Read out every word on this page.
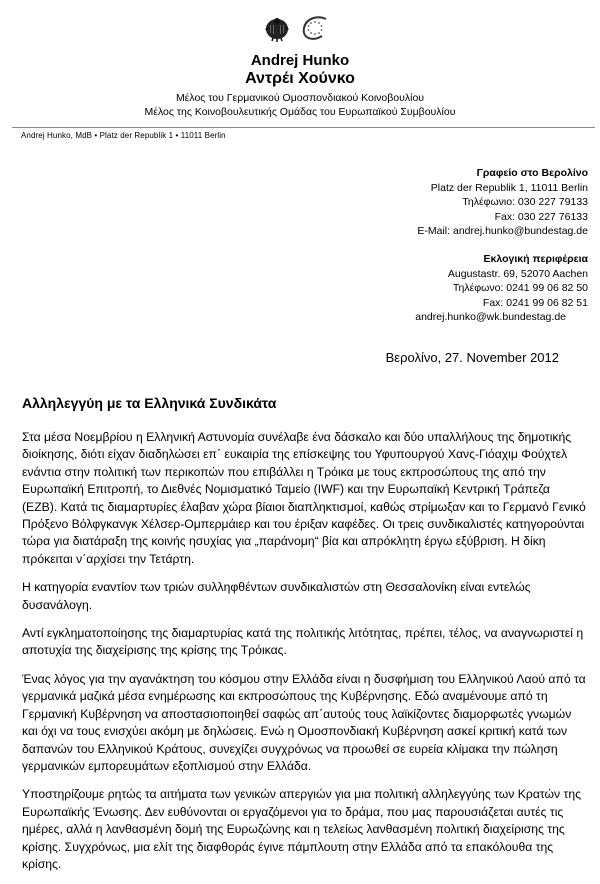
Andrej Hunko
Αντρέι Χούνκο
Μέλος του Γερμανικού Ομοσπονδιακού Κοινοβουλίου
Μέλος της Κοινοβουλευτικής Ομάδας του Ευρωπαϊκού Συμβουλίου
Andrej Hunko, MdB • Platz der Republik 1 • 11011 Berlin
Γραφείο στο Βερολίνο
Platz der Republik 1, 11011 Berlin
Τηλέφωνιο: 030 227 79133
Fax: 030 227 76133
E-Mail: andrej.hunko@bundestag.de
Εκλογική περιφέρεια
Augustastr. 69, 52070 Aachen
Τηλέφωνο: 0241 99 06 82 50
Fax: 0241 99 06 82 51
andrej.hunko@wk.bundestag.de
Βερολίνο, 27. November 2012
Αλληλεγγύη με τα Ελληνικά Συνδικάτα

Στα μέσα Νοεμβρίου η Ελληνική Αστυνομία συνέλαβε ένα δάσκαλο και δύο υπαλλήλους της δημοτικής διοίκησης, διότι είχαν διαδηλώσει επ΄ ευκαιρία της επίσκεψης του Υφυπουργού Χανς-Γιόαχιμ Φούχτελ ενάντια στην πολιτική των περικοπών που επιβάλλει η Τρόικα με τους εκπροσώπους της από την Ευρωπαϊκή Επιτροπή, το Διεθνές Νομισματικό Ταμείο (IWF) και την Ευρωπαϊκή Κεντρική Τράπεζα (EZB). Κατά τις διαμαρτυρίες έλαβαν χώρα βίαιοι διαπληκτισμοί, καθώς στρίμωξαν και το Γερμανό Γενικό Πρόξενο Βόλφγκανγκ Χέλσερ-Ομπερμάιερ και του έριξαν καφέδες. Οι τρεις συνδικαλιστές κατηγορούνται τώρα για διατάραξη της κοινής ησυχίας για „παράνομη“ βία και απρόκλητη έργω εξύβριση. Η δίκη πρόκειται ν΄αρχίσει την Τετάρτη.

Η κατηγορία εναντίον των τριών συλληφθέντων συνδικαλιστών στη Θεσσαλονίκη είναι εντελώς δυσανάλογη.

Αντί εγκληματοποίησης της διαμαρτυρίας κατά της πολιτικής λιτότητας, πρέπει, τέλος, να αναγνωριστεί η αποτυχία της διαχείρισης της κρίσης της Τρόικας.

Ένας λόγος για την αγανάκτηση του κόσμου στην Ελλάδα είναι η δυσφήμιση του Ελληνικού Λαού από τα γερμανικά μαζικά μέσα ενημέρωσης και εκπροσώπους της Κυβέρνησης. Εδώ αναμένουμε από τη Γερμανική Κυβέρνηση να αποστασιοποιηθεί σαφώς απ΄αυτούς τους λαϊκίζοντες διαμορφωτές γνωμών και όχι να τους ενισχύει ακόμη με δηλώσεις. Ενώ η Ομοσπονδιακή Κυβέρνηση ασκεί κριτική κατά των δαπανών του Ελληνικού Κράτους, συνεχίζει συγχρόνως να προωθεί σε ευρεία κλίμακα την πώληση γερμανικών εμπορευμάτων εξοπλισμού στην Ελλάδα.

Υποστηρίζουμε ρητώς τα αιτήματα των γενικών απεργιών για μια πολιτική αλληλεγγύης των Κρατών της Ευρωπαϊκής Ένωσης. Δεν ευθύνονται οι εργαζόμενοι για το δράμα, που μας παρουσιάζεται αυτές τις ημέρες, αλλά η λανθασμένη δομή της Ευρωζώνης και η τελείως λανθασμένη πολιτική διαχείρισης της κρίσης. Συγχρόνως, μια ελίτ της διαφθοράς έγινε πάμπλουτη στην Ελλάδα από τα επακόλουθα της κρίσης.
